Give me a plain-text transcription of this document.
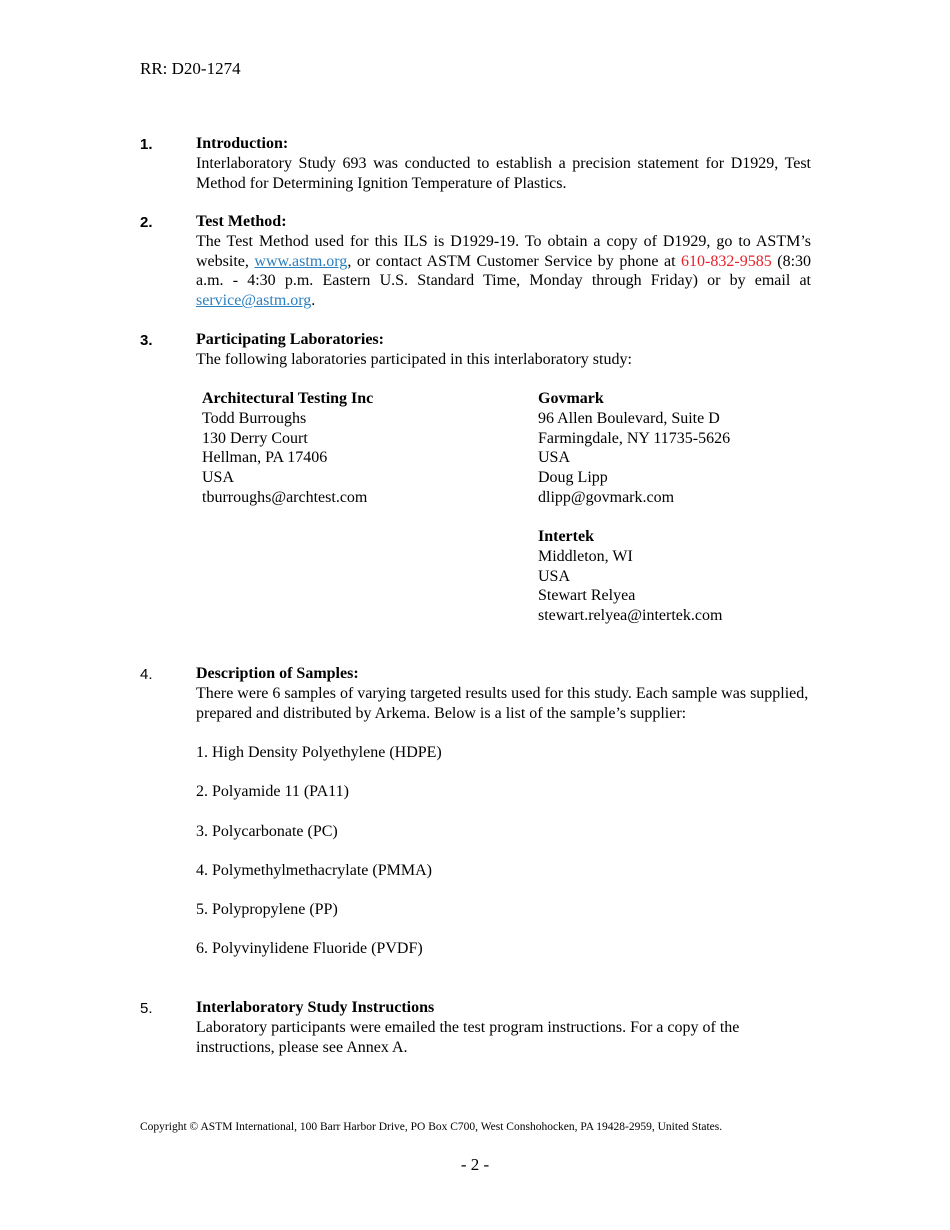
RR: D20-1274
1.	Introduction:
Interlaboratory Study 693 was conducted to establish a precision statement for D1929, Test Method for Determining Ignition Temperature of Plastics.
2.	Test Method:
The Test Method used for this ILS is D1929-19. To obtain a copy of D1929, go to ASTM’s website, www.astm.org, or contact ASTM Customer Service by phone at 610-832-9585 (8:30 a.m. - 4:30 p.m. Eastern U.S. Standard Time, Monday through Friday) or by email at service@astm.org.
3.	Participating Laboratories:
The following laboratories participated in this interlaboratory study:
Architectural Testing Inc
Todd Burroughs
130 Derry Court
Hellman, PA 17406
USA
tburroughs@archtest.com
Govmark
96 Allen Boulevard, Suite D
Farmingdale, NY 11735-5626
USA
Doug Lipp
dlipp@govmark.com
Intertek
Middleton, WI
USA
Stewart Relyea
stewart.relyea@intertek.com
4.	Description of Samples:
There were 6 samples of varying targeted results used for this study. Each sample was supplied, prepared and distributed by Arkema. Below is a list of the sample’s supplier:
1. High Density Polyethylene (HDPE)
2. Polyamide 11 (PA11)
3. Polycarbonate (PC)
4. Polymethylmethacrylate (PMMA)
5. Polypropylene (PP)
6. Polyvinylidene Fluoride (PVDF)
5.	Interlaboratory Study Instructions
Laboratory participants were emailed the test program instructions. For a copy of the instructions, please see Annex A.
Copyright © ASTM International, 100 Barr Harbor Drive, PO Box C700, West Conshohocken, PA 19428-2959, United States.
- 2 -
